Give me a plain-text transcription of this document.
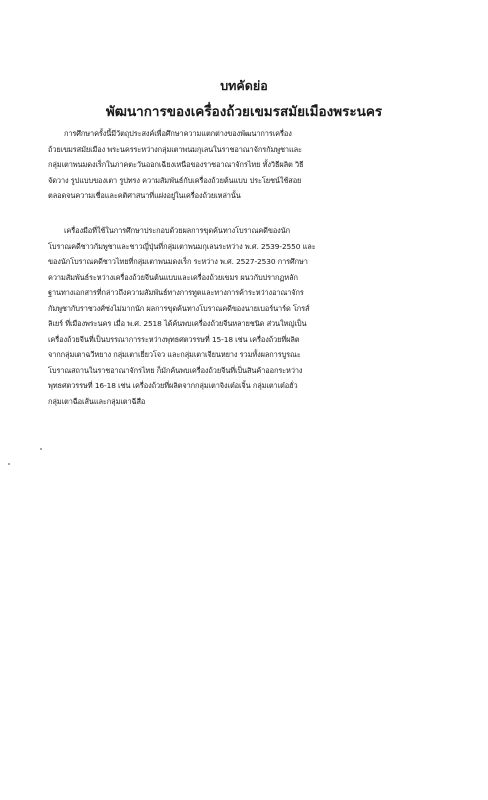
บทคัดย่อ

พัฒนาการของเครื่องถ้วยเขมรสมัยเมืองพระนคร

การศึกษาครั้งนี้มีวัตถุประสงค์เพื่อศึกษาความแตกต่างของพัฒนาการเครื่อง
ถ้วยเขมรสมัยเมือง พระนครระหว่างกลุ่มเตาพนมกุเลนในราชอาณาจักรกัมพูชาและ
กลุ่มเตาพนมดงเร็กในภาคตะวันออกเฉียงเหนือของราชอาณาจักรไทย ทั้งวิธีผลิต วิธี
จัดวาง รูปแบบของเตา รูปทรง ความสัมพันธ์กับเครื่องถ้วยต้นแบบ ประโยชน์ใช้สอย
ตลอดจนความเชื่อและคติศาสนาที่แฝงอยู่ในเครื่องถ้วยเหล่านั้น
เครื่องมือที่ใช้ในการศึกษาประกอบด้วยผลการขุดค้นทางโบราณคดีของนัก
โบราณคดีชาวกัมพูชาและชาวญี่ปุ่นที่กลุ่มเตาพนมกุเลนระหว่าง พ.ศ. 2539-2550 และ
ของนักโบราณคดีชาวไทยที่กลุ่มเตาพนมดงเร็ก ระหว่าง พ.ศ. 2527-2530 การศึกษา
ความสัมพันธ์ระหว่างเครื่องถ้วยจีนต้นแบบและเครื่องถ้วยเขมร ผนวกับปรากฏหลัก
ฐานทางเอกสารที่กล่าวถึงความสัมพันธ์ทางการทูตและทางการค้าระหว่างอาณาจักร
กัมพูชากับราชวงศ์ซ่งไม่มากนัก ผลการขุดค้นทางโบราณคดีของนายเบอร์นาร์ด โกรส์
ลิเยร์ ที่เมืองพระนคร เมื่อ พ.ศ. 2518 ได้ค้นพบเครื่องถ้วยจีนหลายชนิด ส่วนใหญ่เป็น
เครื่องถ้วยจีนที่เป็นบรรณาการระหว่างพุทธศตวรรษที่ 15-18 เช่น เครื่องถ้วยที่ผลิต
จากกลุ่มเตาฉวีหยาง กลุ่มเตาเยี่ยวโจว และกลุ่มเตาเจียนหยาง รวมทั้งผลการบูรณะ
โบราณสถานในราชอาณาจักรไทย ก็มักค้นพบเครื่องถ้วยจีนที่เป็นสินค้าออกระหว่าง
พุทธศตวรรษที่ 16-18 เช่น เครื่องถ้วยที่ผลิตจากกลุ่มเตาจิงเต๋อเจิ้น กลุ่มเตาเต๋อฮั่ว
กลุ่มเตาฉือเส้นและกลุ่มเตาฉีสือ
